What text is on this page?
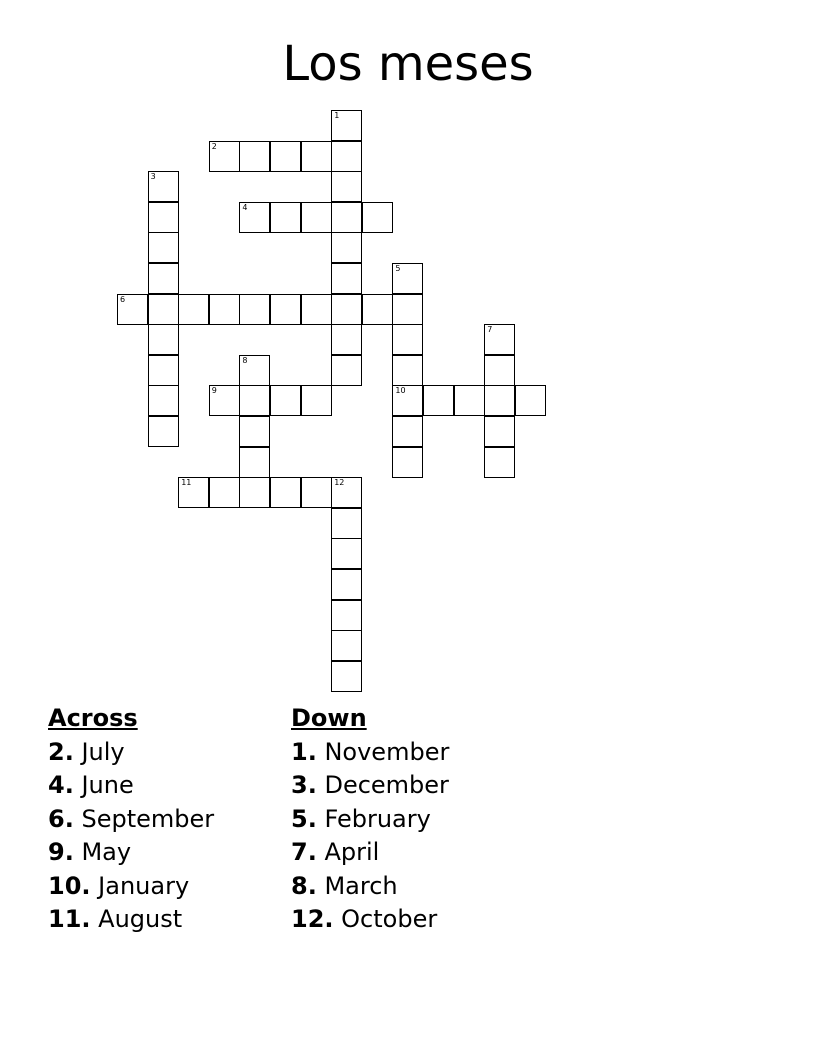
Los meses
1
2
3
4
5
10
6
7
8
9
11	12
Across
2. July
4. June
6. September
9. May
10. January
11. August
Down
1. November
3. December
5. February
7. April
8. March
12. October
